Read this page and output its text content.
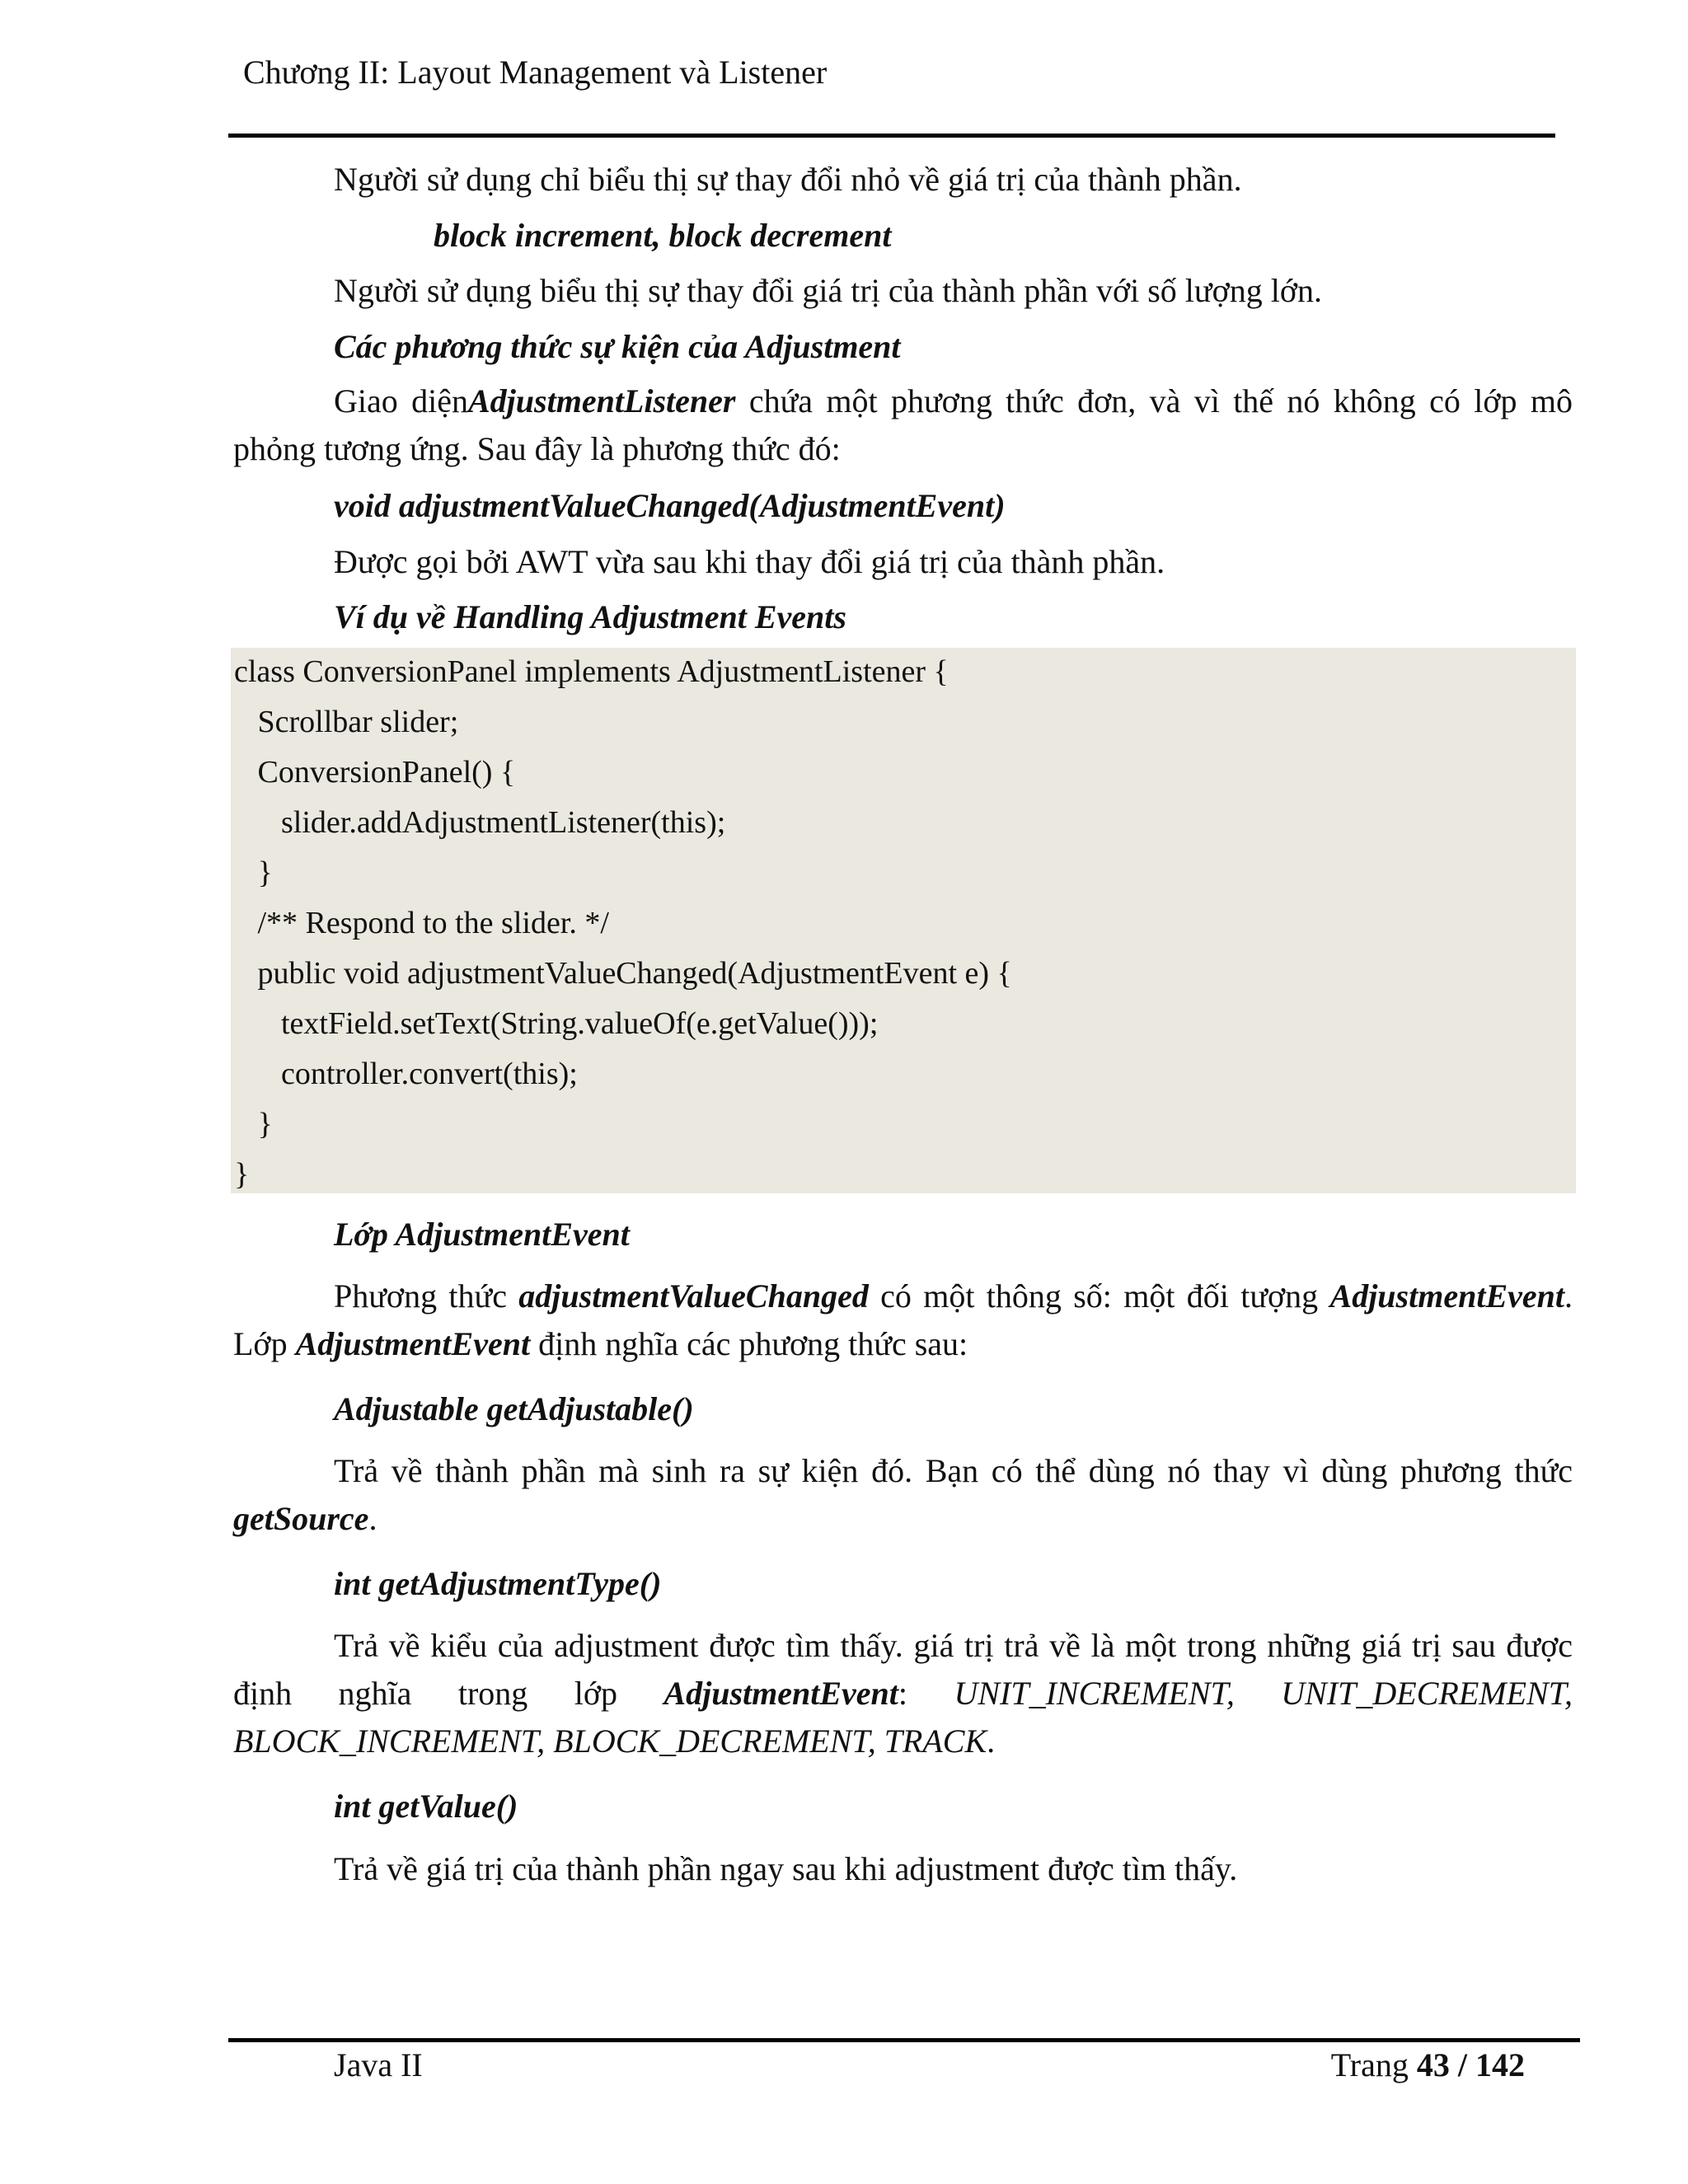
Chương II: Layout Management và Listener
Người sử dụng chỉ biểu thị sự thay đổi nhỏ về giá trị của thành phần.
block increment, block decrement
Người sử dụng biểu thị sự thay đổi giá trị của thành phần với số lượng lớn.
Các phương thức sự kiện của Adjustment
Giao diệnAdjustmentListener chứa một phương thức đơn, và vì thế nó không có lớp mô phỏng tương ứng. Sau đây là phương thức đó:
void adjustmentValueChanged(AdjustmentEvent)
Được gọi bởi AWT vừa sau khi thay đổi giá trị của thành phần.
Ví dụ về Handling Adjustment Events
class ConversionPanel implements AdjustmentListener {
Scrollbar slider;
ConversionPanel() {
slider.addAdjustmentListener(this);
}
/** Respond to the slider. */
public void adjustmentValueChanged(AdjustmentEvent e) {
textField.setText(String.valueOf(e.getValue()));
controller.convert(this);
}
}
Lớp AdjustmentEvent
Phương thức adjustmentValueChanged có một thông số: một đối tượng AdjustmentEvent. Lớp AdjustmentEvent định nghĩa các phương thức sau:
Adjustable getAdjustable()
Trả về thành phần mà sinh ra sự kiện đó. Bạn có thể dùng nó thay vì dùng phương thức getSource.
int getAdjustmentType()
Trả về kiểu của adjustment được tìm thấy. giá trị trả về là một trong những giá trị sau được định nghĩa trong lớp AdjustmentEvent: UNIT_INCREMENT, UNIT_DECREMENT, BLOCK_INCREMENT, BLOCK_DECREMENT, TRACK.
int getValue()
Trả về giá trị của thành phần ngay sau khi adjustment được tìm thấy.
Java II	Trang 43 / 142
